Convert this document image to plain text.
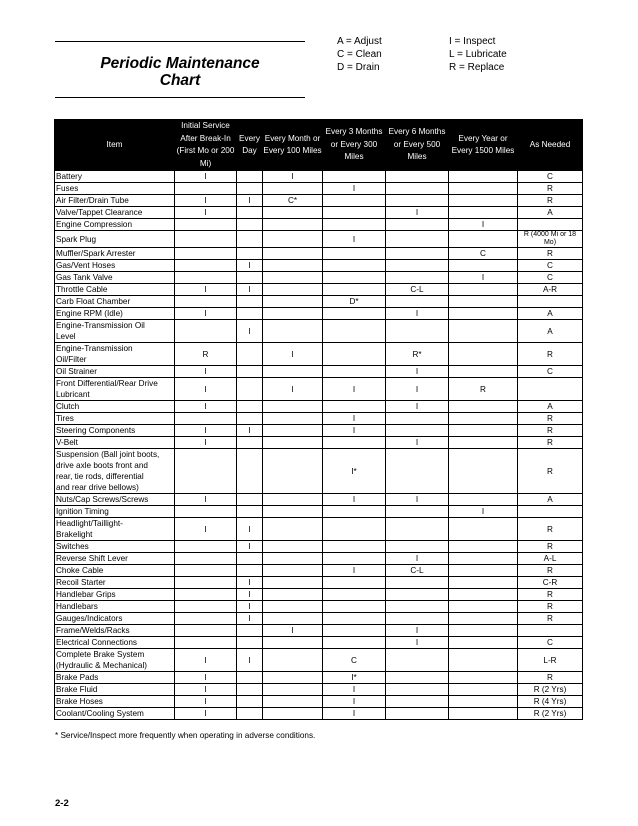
Periodic Maintenance
Chart
A = Adjust
C = Clean
D = Drain
I = Inspect
L = Lubricate
R = Replace
Item	Initial Service After Break-In (First Mo or 200 Mi)	Every Day	Every Month or Every 100 Miles	Every 3 Months or Every 300 Miles	Every 6 Months or Every 500 Miles	Every Year or Every 1500 Miles	As Needed
Battery	I		I				C
Fuses				I			R
Air Filter/Drain Tube	I	I	C*				R
Valve/Tappet Clearance	I				I		A
Engine Compression						I	
Spark Plug				I			R (4000 Mi or 18 Mo)
Muffler/Spark Arrester						C	R
Gas/Vent Hoses		I					C
Gas Tank Valve						I	C
Throttle Cable	I	I			C-L		A-R
Carb Float Chamber				D*			
Engine RPM (Idle)	I				I		A
Engine-Transmission Oil
Level		I					A
Engine-Transmission
Oil/Filter	R		I		R*		R
Oil Strainer	I				I		C
Front Differential/Rear Drive
Lubricant	I		I	I	I	R	
Clutch	I				I		A
Tires				I			R
Steering Components	I	I		I			R
V-Belt	I				I		R
Suspension (Ball joint boots,
drive axle boots front and
rear, tie rods, differential
and rear drive bellows)				I*			R
Nuts/Cap Screws/Screws	I			I	I		A
Ignition Timing						I	
Headlight/Taillight-
Brakelight	I	I					R
Switches		I					R
Reverse Shift Lever					I		A-L
Choke Cable				I	C-L		R
Recoil Starter		I					C-R
Handlebar Grips		I					R
Handlebars		I					R
Gauges/Indicators		I					R
Frame/Welds/Racks			I		I		
Electrical Connections					I		C
Complete Brake System
(Hydraulic & Mechanical)	I	I		C			L-R
Brake Pads	I			I*			R
Brake Fluid	I			I			R (2 Yrs)
Brake Hoses	I			I			R (4 Yrs)
Coolant/Cooling System	I			I			R (2 Yrs)
* Service/Inspect more frequently when operating in adverse conditions.
2-2
